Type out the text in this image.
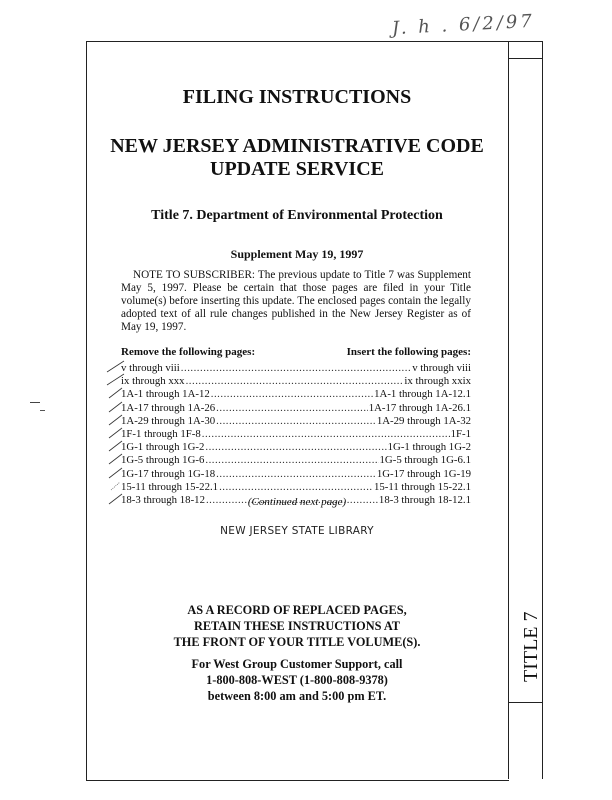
J. h . 6/2/97
TITLE 7
FILING INSTRUCTIONS
NEW JERSEY ADMINISTRATIVE CODE
UPDATE SERVICE
Title 7. Department of Environmental Protection
Supplement May 19, 1997
NOTE TO SUBSCRIBER: The previous update to Title 7 was Supplement May 5, 1997. Please be certain that those pages are filed in your Title volume(s) before inserting this update. The enclosed pages contain the legally adopted text of all rule changes published in the New Jersey Register as of May 19, 1997.
Remove the following pages:	Insert the following pages:
v through viii .....	v through viii
ix through xxx .....	ix through xxix
1A-1 through 1A-12 .....	1A-1 through 1A-12.1
1A-17 through 1A-26 .....	1A-17 through 1A-26.1
1A-29 through 1A-30 .....	1A-29 through 1A-32
1F-1 through 1F-8 .....	1F-1
1G-1 through 1G-2 .....	1G-1 through 1G-2
1G-5 through 1G-6 .....	1G-5 through 1G-6.1
1G-17 through 1G-18 .....	1G-17 through 1G-19
15-11 through 15-22.1 .....	15-11 through 15-22.1
18-3 through 18-12 .....	18-3 through 18-12.1
(Continued next page)
NEW JERSEY STATE LIBRARY
AS A RECORD OF REPLACED PAGES,
RETAIN THESE INSTRUCTIONS AT
THE FRONT OF YOUR TITLE VOLUME(S).
For West Group Customer Support, call
1-800-808-WEST (1-800-808-9378)
between 8:00 am and 5:00 pm ET.
